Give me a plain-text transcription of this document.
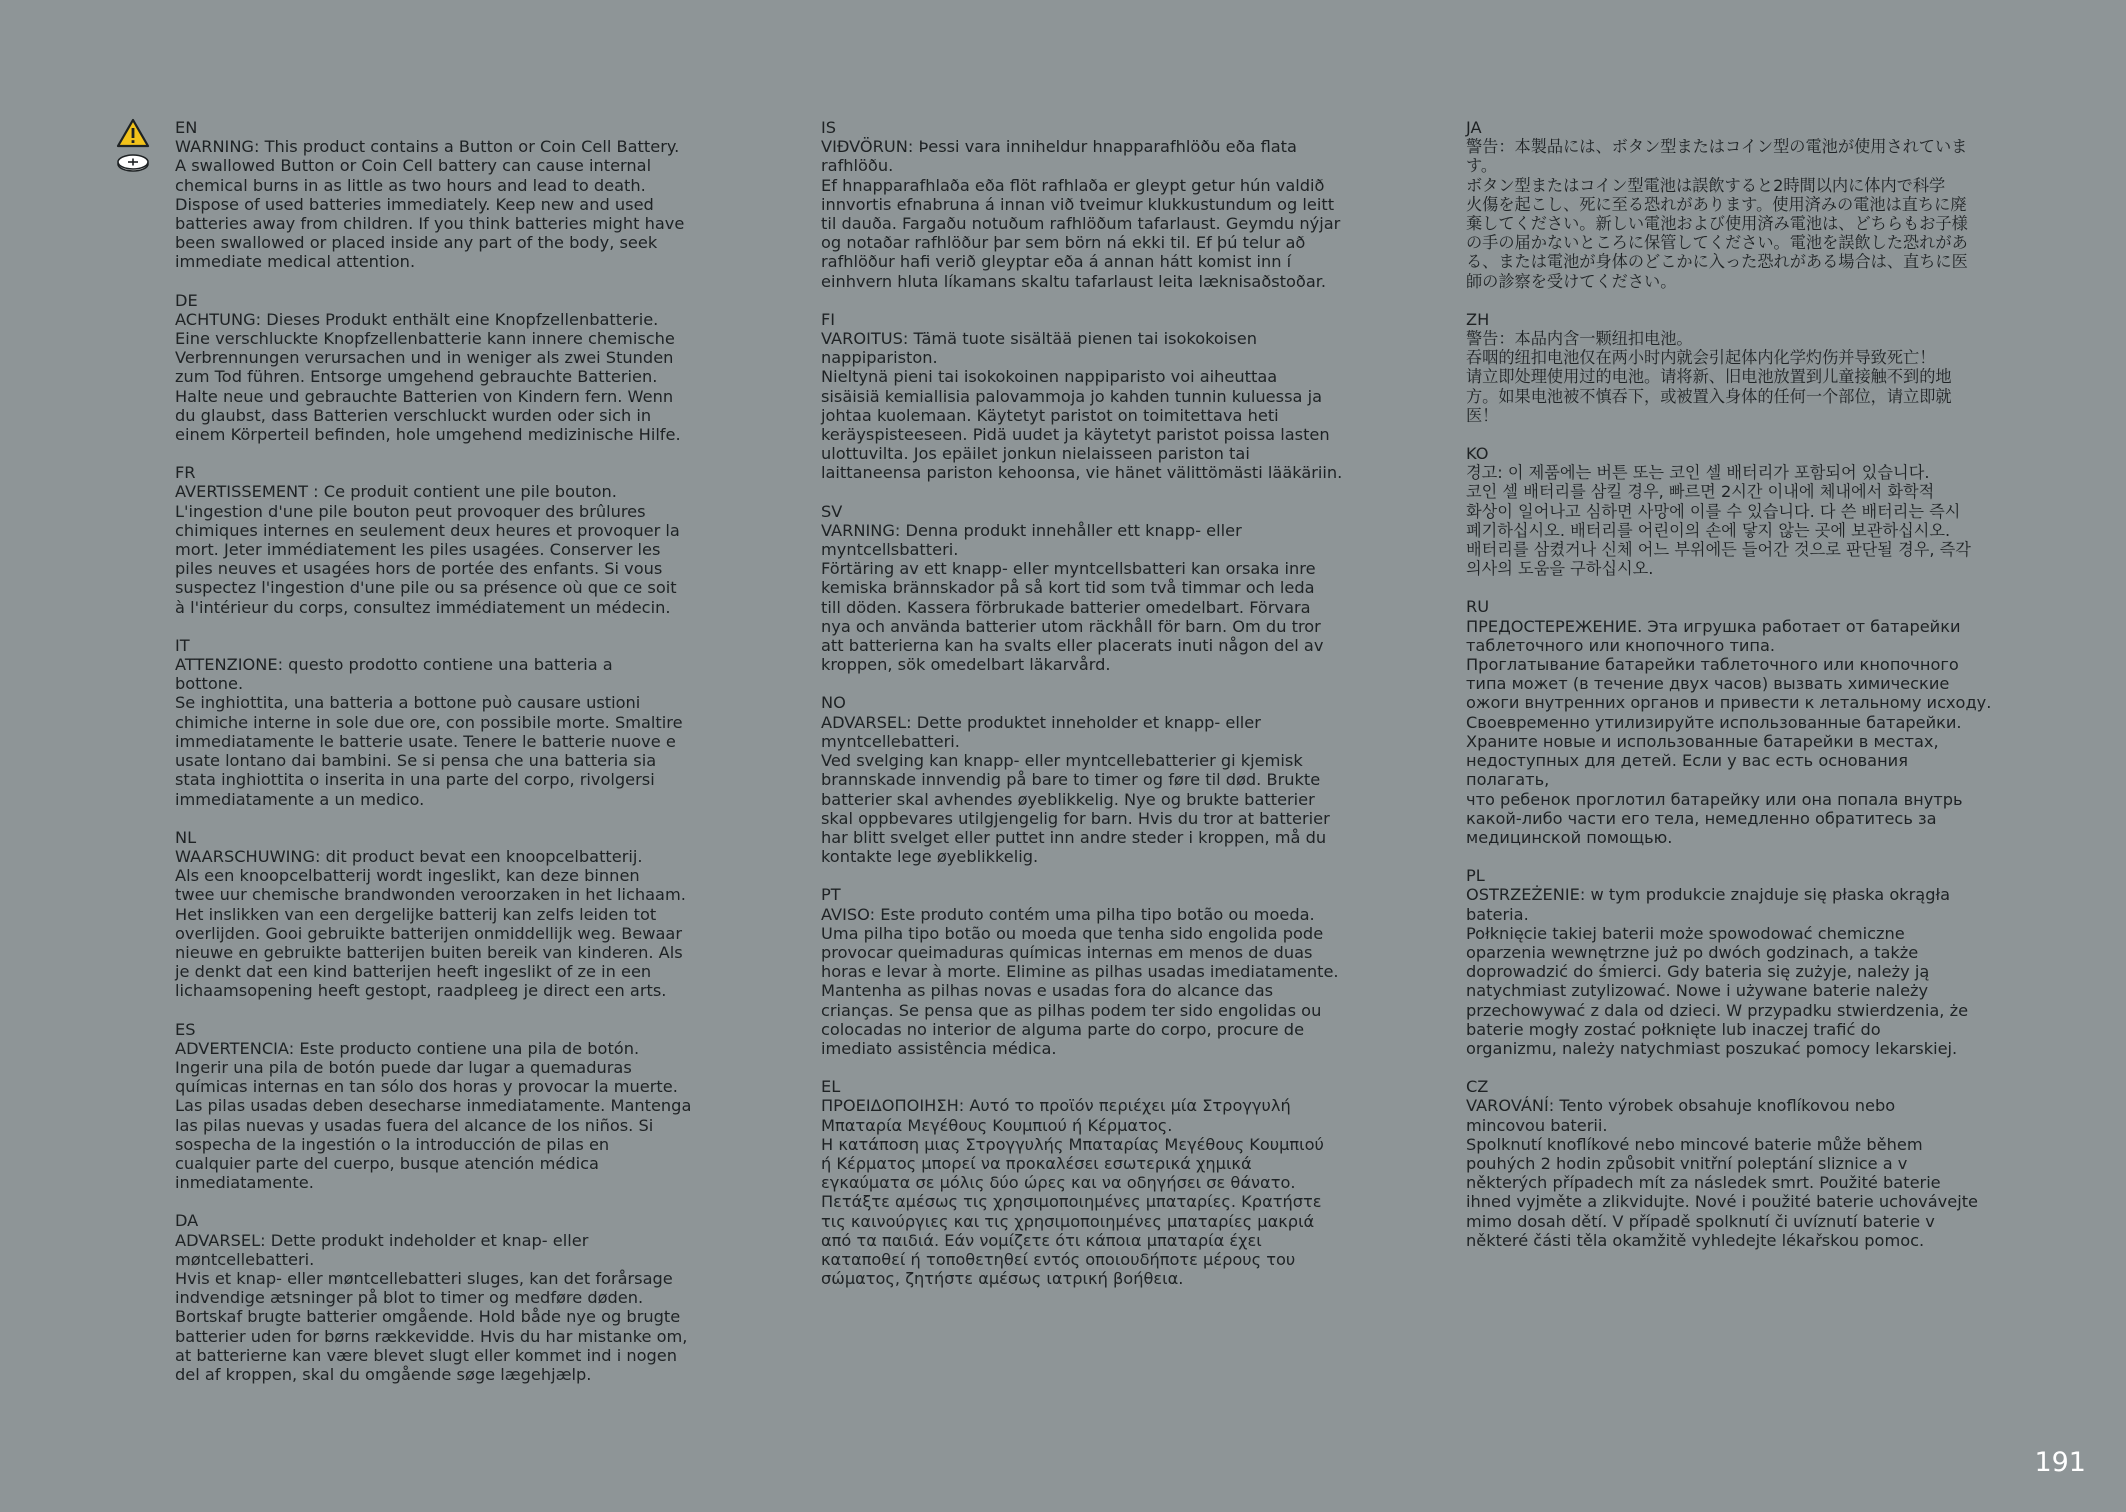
EN

WARNING: This product contains a Button or Coin Cell Battery.

A swallowed Button or Coin Cell battery can cause internal

chemical burns in as little as two hours and lead to death.

Dispose of used batteries immediately. Keep new and used

batteries away from children. If you think batteries might have

been swallowed or placed inside any part of the body, seek

immediate medical attention.

DE

ACHTUNG: Dieses Produkt enthält eine Knopfzellenbatterie.

Eine verschluckte Knopfzellenbatterie kann innere chemische

Verbrennungen verursachen und in weniger als zwei Stunden

zum Tod führen. Entsorge umgehend gebrauchte Batterien.

Halte neue und gebrauchte Batterien von Kindern fern. Wenn

du glaubst, dass Batterien verschluckt wurden oder sich in

einem Körperteil befinden, hole umgehend medizinische Hilfe.

FR

AVERTISSEMENT : Ce produit contient une pile bouton.

L'ingestion d'une pile bouton peut provoquer des brûlures

chimiques internes en seulement deux heures et provoquer la

mort. Jeter immédiatement les piles usagées. Conserver les

piles neuves et usagées hors de portée des enfants. Si vous

suspectez l'ingestion d'une pile ou sa présence où que ce soit

à l'intérieur du corps, consultez immédiatement un médecin.

IT

ATTENZIONE: questo prodotto contiene una batteria a

bottone.

Se inghiottita, una batteria a bottone può causare ustioni

chimiche interne in sole due ore, con possibile morte. Smaltire

immediatamente le batterie usate. Tenere le batterie nuove e

usate lontano dai bambini. Se si pensa che una batteria sia

stata inghiottita o inserita in una parte del corpo, rivolgersi

immediatamente a un medico.

NL

WAARSCHUWING: dit product bevat een knoopcelbatterij.

Als een knoopcelbatterij wordt ingeslikt, kan deze binnen

twee uur chemische brandwonden veroorzaken in het lichaam.

Het inslikken van een dergelijke batterij kan zelfs leiden tot

overlijden. Gooi gebruikte batterijen onmiddellijk weg. Bewaar

nieuwe en gebruikte batterijen buiten bereik van kinderen. Als

je denkt dat een kind batterijen heeft ingeslikt of ze in een

lichaamsopening heeft gestopt, raadpleeg je direct een arts.

ES

ADVERTENCIA: Este producto contiene una pila de botón.

Ingerir una pila de botón puede dar lugar a quemaduras

químicas internas en tan sólo dos horas y provocar la muerte.

Las pilas usadas deben desecharse inmediatamente. Mantenga

las pilas nuevas y usadas fuera del alcance de los niños. Si

sospecha de la ingestión o la introducción de pilas en

cualquier parte del cuerpo, busque atención médica

inmediatamente.

DA

ADVARSEL: Dette produkt indeholder et knap- eller

møntcellebatteri.

Hvis et knap- eller møntcellebatteri sluges, kan det forårsage

indvendige ætsninger på blot to timer og medføre døden.

Bortskaf brugte batterier omgående. Hold både nye og brugte

batterier uden for børns rækkevidde. Hvis du har mistanke om,

at batterierne kan være blevet slugt eller kommet ind i nogen

del af kroppen, skal du omgående søge lægehjælp.

IS

VIÐVÖRUN: Þessi vara inniheldur hnapparafhlöðu eða flata

rafhlöðu.

Ef hnapparafhlaða eða flöt rafhlaða er gleypt getur hún valdið

innvortis efnabruna á innan við tveimur klukkustundum og leitt

til dauða. Fargaðu notuðum rafhlöðum tafarlaust. Geymdu nýjar

og notaðar rafhlöður þar sem börn ná ekki til. Ef þú telur að

rafhlöður hafi verið gleyptar eða á annan hátt komist inn í

einhvern hluta líkamans skaltu tafarlaust leita læknisaðstoðar.

FI

VAROITUS: Tämä tuote sisältää pienen tai isokokoisen

nappipariston.

Nieltynä pieni tai isokokoinen nappiparisto voi aiheuttaa

sisäisiä kemiallisia palovammoja jo kahden tunnin kuluessa ja

johtaa kuolemaan. Käytetyt paristot on toimitettava heti

keräyspisteeseen. Pidä uudet ja käytetyt paristot poissa lasten

ulottuvilta. Jos epäilet jonkun nielaisseen pariston tai

laittaneensa pariston kehoonsa, vie hänet välittömästi lääkäriin.

SV

VARNING: Denna produkt innehåller ett knapp- eller

myntcellsbatteri.

Förtäring av ett knapp- eller myntcellsbatteri kan orsaka inre

kemiska brännskador på så kort tid som två timmar och leda

till döden. Kassera förbrukade batterier omedelbart. Förvara

nya och använda batterier utom räckhåll för barn. Om du tror

att batterierna kan ha svalts eller placerats inuti någon del av

kroppen, sök omedelbart läkarvård.

NO

ADVARSEL: Dette produktet inneholder et knapp- eller

myntcellebatteri.

Ved svelging kan knapp- eller myntcellebatterier gi kjemisk

brannskade innvendig på bare to timer og føre til død. Brukte

batterier skal avhendes øyeblikkelig. Nye og brukte batterier

skal oppbevares utilgjengelig for barn. Hvis du tror at batterier

har blitt svelget eller puttet inn andre steder i kroppen, må du

kontakte lege øyeblikkelig.

PT

AVISO: Este produto contém uma pilha tipo botão ou moeda.

Uma pilha tipo botão ou moeda que tenha sido engolida pode

provocar queimaduras químicas internas em menos de duas

horas e levar à morte. Elimine as pilhas usadas imediatamente.

Mantenha as pilhas novas e usadas fora do alcance das

crianças. Se pensa que as pilhas podem ter sido engolidas ou

colocadas no interior de alguma parte do corpo, procure de

imediato assistência médica.

EL

ΠΡΟΕΙΔΟΠΟΙΗΣΗ: Αυτό το προϊόν περιέχει μία Στρογγυλή

Μπαταρία Μεγέθους Κουμπιού ή Κέρματος.

Η κατάποση μιας Στρογγυλής Μπαταρίας Μεγέθους Κουμπιού

ή Κέρματος μπορεί να προκαλέσει εσωτερικά χημικά

εγκαύματα σε μόλις δύο ώρες και να οδηγήσει σε θάνατο.

Πετάξτε αμέσως τις χρησιμοποιημένες μπαταρίες. Κρατήστε

τις καινούργιες και τις χρησιμοποιημένες μπαταρίες μακριά

από τα παιδιά. Εάν νομίζετε ότι κάποια μπαταρία έχει

καταποθεί ή τοποθετηθεί εντός οποιουδήποτε μέρους του

σώματος, ζητήστε αμέσως ιατρική βοήθεια.

JA

警告：本製品には、ボタン型またはコイン型の電池が使用されていま

す。

ボタン型またはコイン型電池は誤飲すると2時間以内に体内で科学

火傷を起こし、死に至る恐れがあります。使用済みの電池は直ちに廃

棄してください。新しい電池および使用済み電池は、どちらもお子様

の手の届かないところに保管してください。電池を誤飲した恐れがあ

る、または電池が身体のどこかに入った恐れがある場合は、直ちに医

師の診察を受けてください。

ZH

警告：本品内含一颗纽扣电池。

吞咽的纽扣电池仅在两小时内就会引起体内化学灼伤并导致死亡！

请立即处理使用过的电池。请将新、旧电池放置到儿童接触不到的地

方。如果电池被不慎吞下，或被置入身体的任何一个部位，请立即就

医！

KO

경고: 이 제품에는 버튼 또는 코인 셀 배터리가 포함되어 있습니다.

코인 셀 배터리를 삼킬 경우, 빠르면 2시간 이내에 체내에서 화학적

화상이 일어나고 심하면 사망에 이를 수 있습니다. 다 쓴 배터리는 즉시

폐기하십시오. 배터리를 어린이의 손에 닿지 않는 곳에 보관하십시오.

배터리를 삼켰거나 신체 어느 부위에든 들어간 것으로 판단될 경우, 즉각

의사의 도움을 구하십시오.

RU

ПРЕДОСТЕРЕЖЕНИЕ. Эта игрушка работает от батарейки

таблеточного или кнопочного типа.

Проглатывание батарейки таблеточного или кнопочного

типа может (в течение двух часов) вызвать химические

ожоги внутренних органов и привести к летальному исходу.

Своевременно утилизируйте использованные батарейки.

Храните новые и использованные батарейки в местах,

недоступных для детей. Если у вас есть основания полагать,

что ребенок проглотил батарейку или она попала внутрь

какой-либо части его тела, немедленно обратитесь за

медицинской помощью.

PL

OSTRZEŻENIE: w tym produkcie znajduje się płaska okrągła

bateria.

Połknięcie takiej baterii może spowodować chemiczne

oparzenia wewnętrzne już po dwóch godzinach, a także

doprowadzić do śmierci. Gdy bateria się zużyje, należy ją

natychmiast zutylizować. Nowe i używane baterie należy

przechowywać z dala od dzieci. W przypadku stwierdzenia, że

baterie mogły zostać połknięte lub inaczej trafić do

organizmu, należy natychmiast poszukać pomocy lekarskiej.

CZ

VAROVÁNÍ: Tento výrobek obsahuje knoflíkovou nebo

mincovou baterii.

Spolknutí knoflíkové nebo mincové baterie může během

pouhých 2 hodin způsobit vnitřní poleptání sliznice a v

některých případech mít za následek smrt. Použité baterie

ihned vyjměte a zlikvidujte. Nové i použité baterie uchovávejte

mimo dosah dětí. V případě spolknutí či uvíznutí baterie v

některé části těla okamžitě vyhledejte lékařskou pomoc.

191
